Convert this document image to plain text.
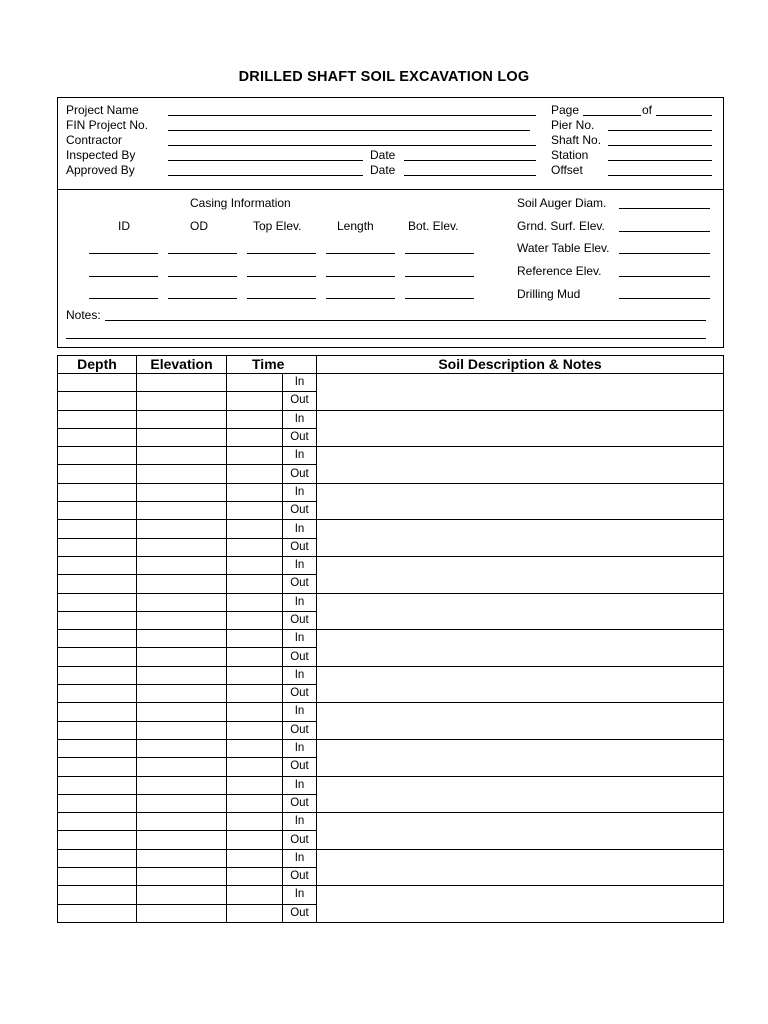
DRILLED SHAFT SOIL EXCAVATION LOG
Project Name
FIN Project No.
Contractor
Inspected By
Approved By
Date
Date
Page	of
Pier No.
Shaft No.
Station
Offset
Casing Information
ID	OD	Top Elev.	Length	Bot. Elev.
Soil Auger Diam.
Grnd. Surf. Elev.
Water Table Elev.
Reference Elev.
Drilling Mud
Notes:
Depth	Elevation	Time		Soil Description & Notes
			In	
			Out	
			In	
			Out	
			In	
			Out	
			In	
			Out	
			In	
			Out	
			In	
			Out	
			In	
			Out	
			In	
			Out	
			In	
			Out	
			In	
			Out	
			In	
			Out	
			In	
			Out	
			In	
			Out	
			In	
			Out	
			In	
			Out	
